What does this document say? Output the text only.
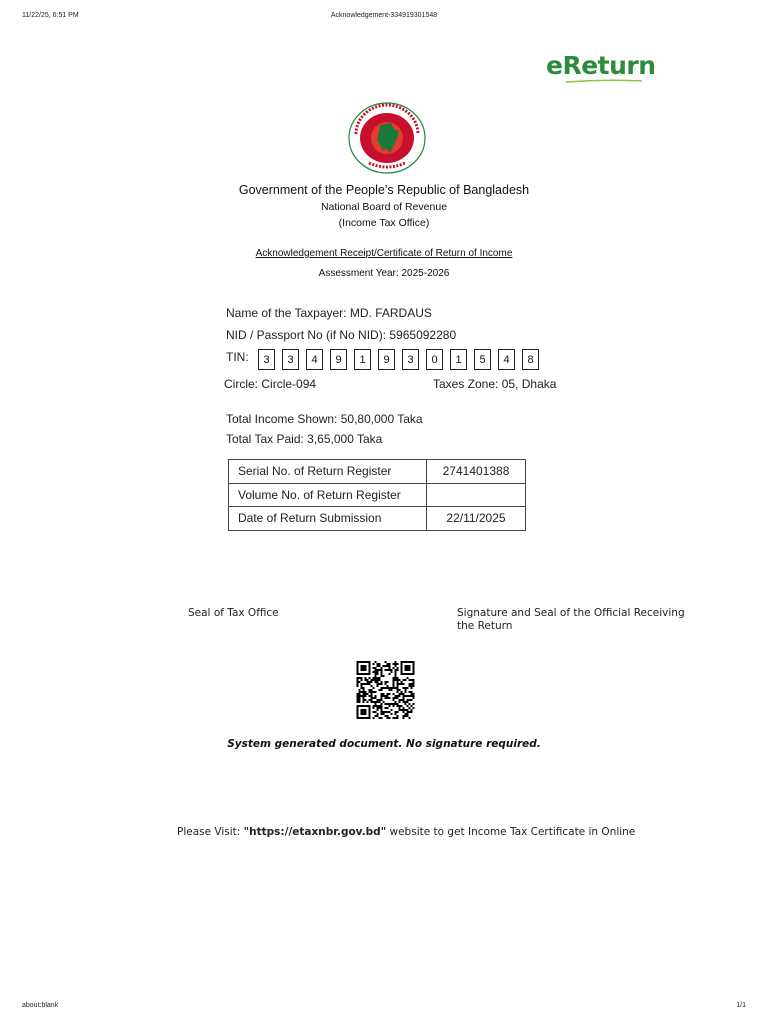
11/22/25, 6:51 PM	Acknowledgement-334919301548
eReturn
Government of the People’s Republic of Bangladesh
National Board of Revenue
(Income Tax Office)
Acknowledgement Receipt/Certificate of Return of Income
Assessment Year: 2025-2026
Name of the Taxpayer: MD. FARDAUS
NID / Passport No (if No NID): 5965092280
TIN:	3	3	4	9	1	9	3	0	1	5	4	8
Circle: Circle-094	Taxes Zone: 05, Dhaka
Total Income Shown: 50,80,000 Taka
Total Tax Paid: 3,65,000 Taka
Serial No. of Return Register	2741401388
Volume No. of Return Register	
Date of Return Submission	22/11/2025
Seal of Tax Office	Signature and Seal of the Official Receiving the Return
System generated document. No signature required.
Please Visit: "https://etaxnbr.gov.bd" website to get Income Tax Certificate in Online
about:blank	1/1
